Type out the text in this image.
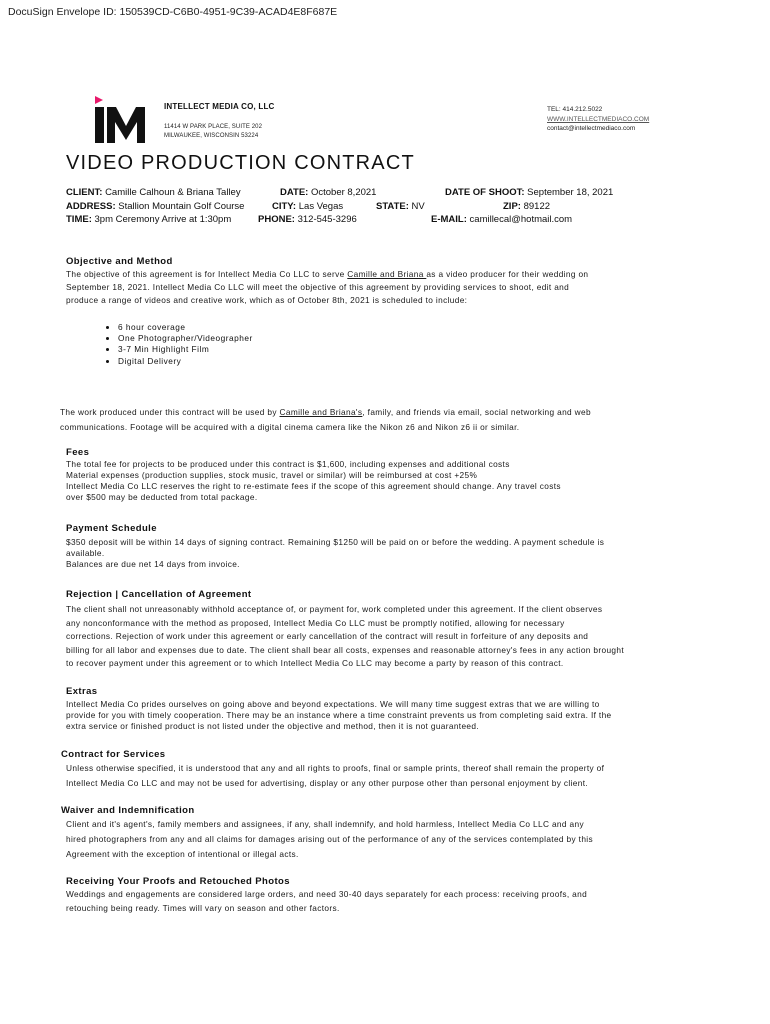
DocuSign Envelope ID: 150539CD-C6B0-4951-9C39-ACAD4E8F687E
INTELLECT MEDIA CO, LLC
11414 W PARK PLACE, SUITE 202
MILWAUKEE, WISCONSIN 53224
TEL: 414.212.5022
WWW.INTELLECTMEDIACO.COM
contact@intellectmediaco.com
VIDEO PRODUCTION CONTRACT
CLIENT: Camille Calhoun & Briana Talley	DATE: October 8,2021	DATE OF SHOOT: September 18, 2021
ADDRESS: Stallion Mountain Golf Course	CITY: Las Vegas	STATE: NV	ZIP: 89122
TIME: 3pm Ceremony Arrive at 1:30pm	PHONE: 312-545-3296	E-MAIL: camillecal@hotmail.com
Objective and Method
The objective of this agreement is for Intellect Media Co LLC to serve Camille and Briana as a video producer for their wedding on
September 18, 2021. Intellect Media Co LLC will meet the objective of this agreement by providing services to shoot, edit and
produce a range of videos and creative work, which as of October 8th, 2021 is scheduled to include:
• 6 hour coverage
• One Photographer/Videographer
• 3-7 Min Highlight Film
• Digital Delivery
The work produced under this contract will be used by Camille and Briana's, family, and friends via email, social networking and web
communications. Footage will be acquired with a digital cinema camera like the Nikon z6 and Nikon z6 ii or similar.
Fees
The total fee for projects to be produced under this contract is $1,600, including expenses and additional costs
Material expenses (production supplies, stock music, travel or similar) will be reimbursed at cost +25%
Intellect Media Co LLC reserves the right to re-estimate fees if the scope of this agreement should change. Any travel costs
over $500 may be deducted from total package.
Payment Schedule
$350 deposit will be within 14 days of signing contract. Remaining $1250 will be paid on or before the wedding. A payment schedule is
available.
Balances are due net 14 days from invoice.
Rejection | Cancellation of Agreement
The client shall not unreasonably withhold acceptance of, or payment for, work completed under this agreement. If the client observes
any nonconformance with the method as proposed, Intellect Media Co LLC must be promptly notified, allowing for necessary
corrections. Rejection of work under this agreement or early cancellation of the contract will result in forfeiture of any deposits and
billing for all labor and expenses due to date. The client shall bear all costs, expenses and reasonable attorney's fees in any action brought
to recover payment under this agreement or to which Intellect Media Co LLC may become a party by reason of this contract.
Extras
Intellect Media Co prides ourselves on going above and beyond expectations. We will many time suggest extras that we are willing to
provide for you with timely cooperation. There may be an instance where a time constraint prevents us from completing said extra. If the
extra service or finished product is not listed under the objective and method, then it is not guaranteed.
Contract for Services
Unless otherwise specified, it is understood that any and all rights to proofs, final or sample prints, thereof shall remain the property of
Intellect Media Co LLC and may not be used for advertising, display or any other purpose other than personal enjoyment by client.
Waiver and Indemnification
Client and it's agent's, family members and assignees, if any, shall indemnify, and hold harmless, Intellect Media Co LLC and any
hired photographers from any and all claims for damages arising out of the performance of any of the services contemplated by this
Agreement with the exception of intentional or illegal acts.
Receiving Your Proofs and Retouched Photos
Weddings and engagements are considered large orders, and need 30-40 days separately for each process: receiving proofs, and
retouching being ready. Times will vary on season and other factors.
